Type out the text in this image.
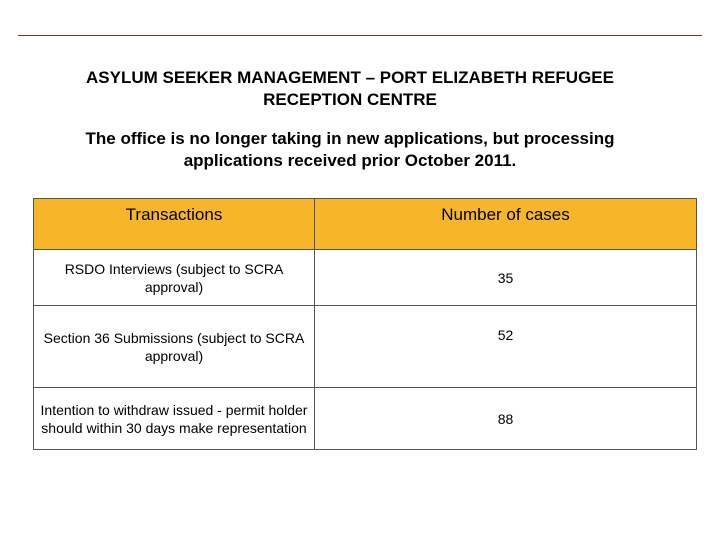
ASYLUM SEEKER MANAGEMENT – PORT ELIZABETH REFUGEE
RECEPTION CENTRE
The office is no longer taking in new applications, but processing
applications received prior October 2011.
Transactions	Number of cases
RSDO Interviews (subject to SCRA approval)	35
Section 36 Submissions (subject to SCRA approval)	52
Intention to withdraw issued - permit holder should within 30 days make representation	88
